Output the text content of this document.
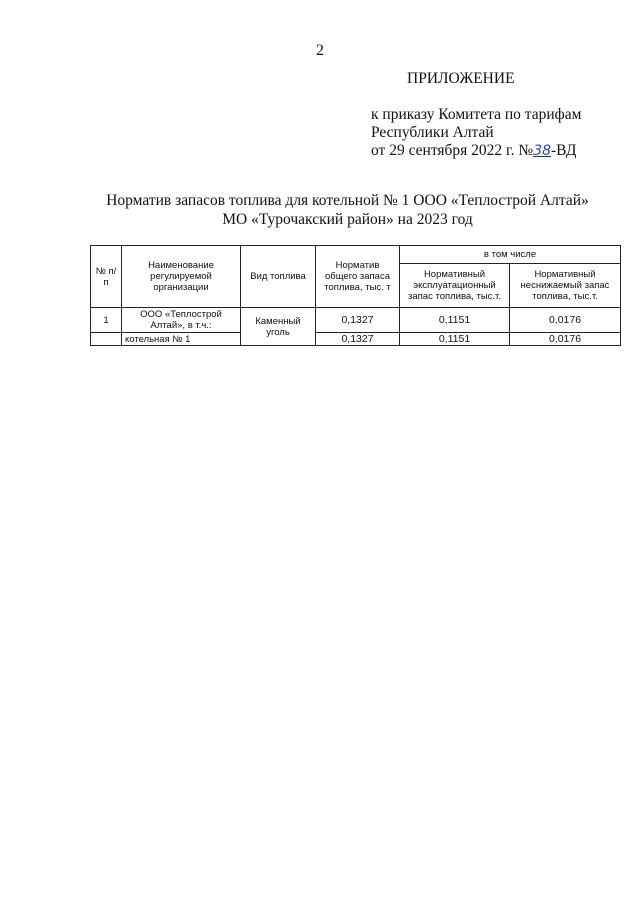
2
ПРИЛОЖЕНИЕ
к приказу Комитета по тарифам
Республики Алтай
от 29 сентября 2022 г. №38-ВД
Норматив запасов топлива для котельной № 1 ООО «Теплострой Алтай»
МО «Турочакский район» на 2023 год
№ п/п	Наименование регулируемой организации	Вид топлива	Норматив общего запаса топлива, тыс. т	в том числе	
				Нормативный эксплуатационный запас топлива, тыс.т.	Нормативный неснижаемый запас топлива, тыс.т.
1	ООО «Теплострой Алтай», в т.ч.:	Каменный уголь	0,1327	0,1151	0,0176
	котельная № 1		0,1327	0,1151	0,0176
